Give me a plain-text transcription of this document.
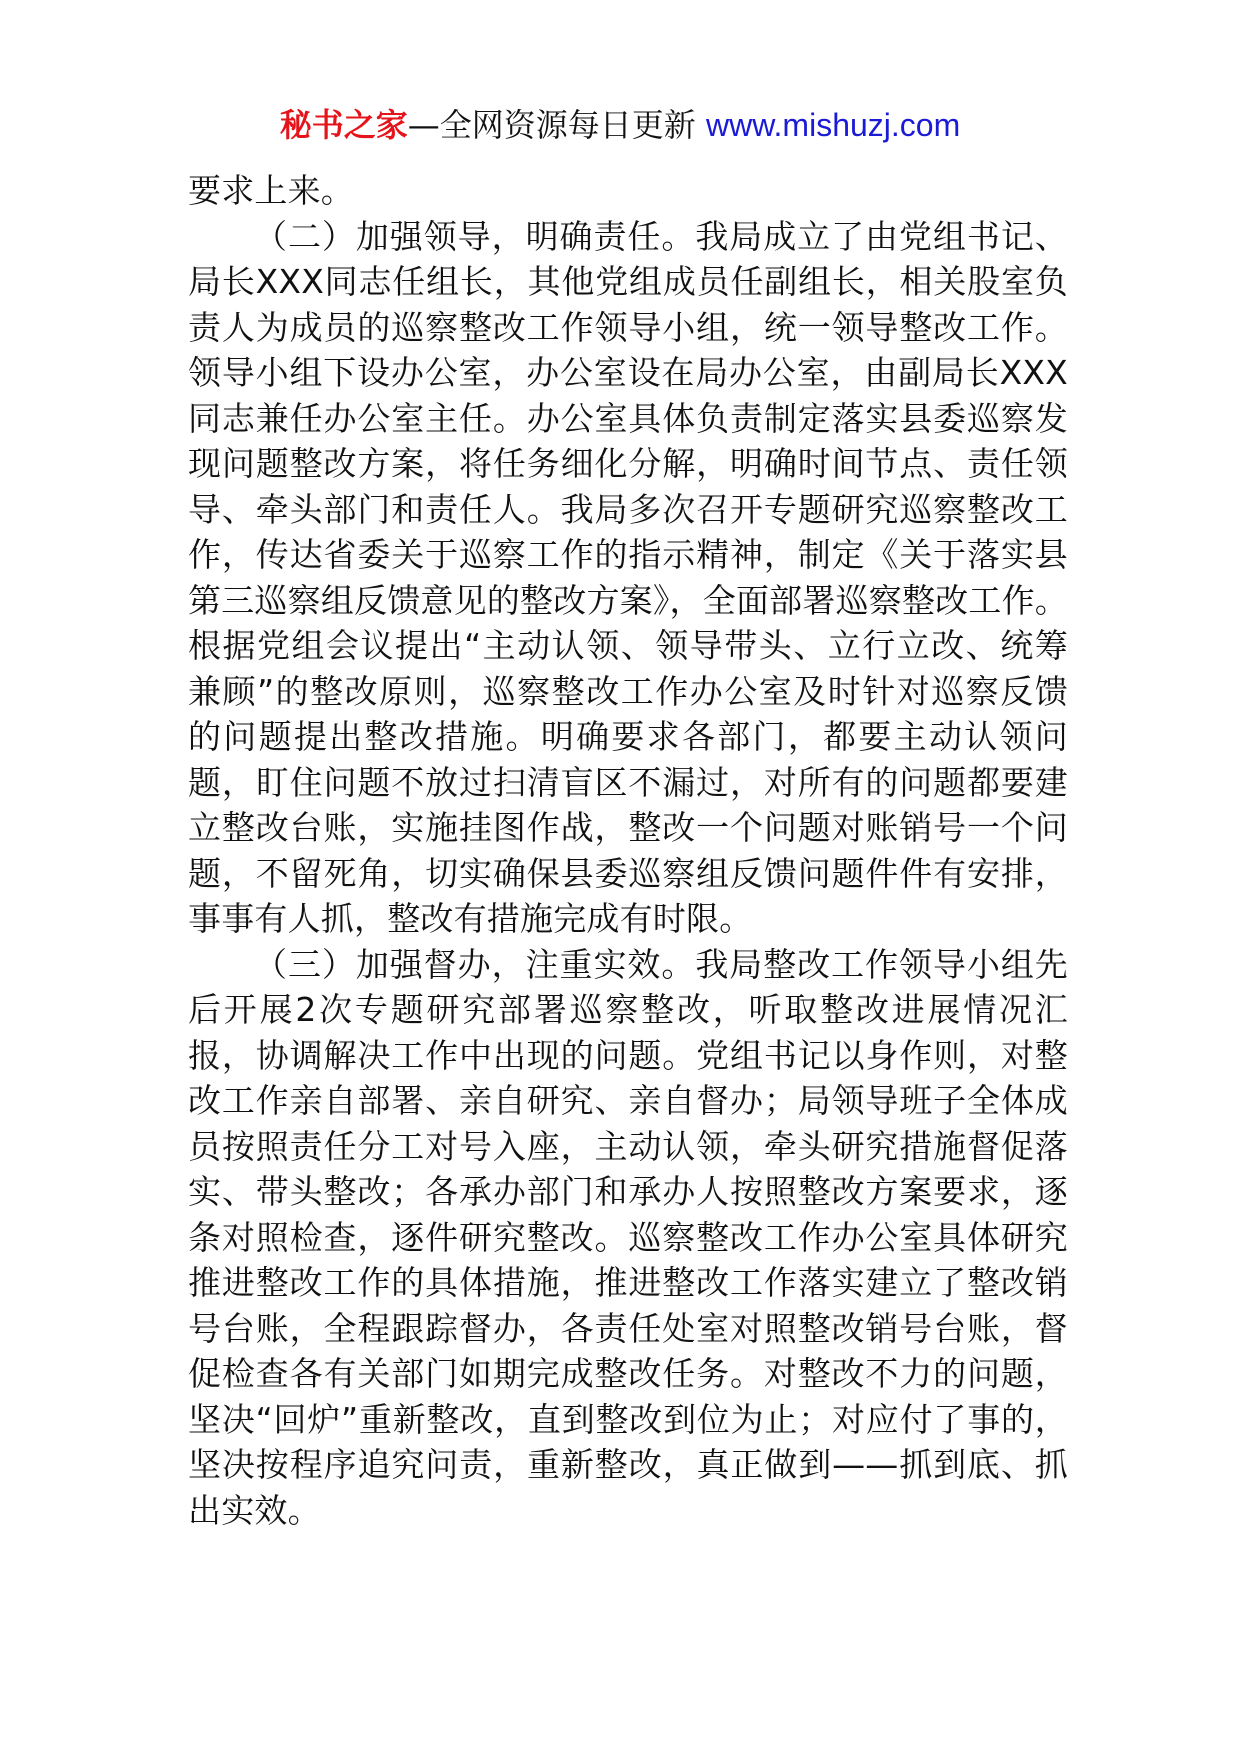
秘书之家—全网资源每日更新 www.mishuzj.com

要求上来。

（二）加强领导，明确责任。我局成立了由党组书记、局长XXX同志任组长，其他党组成员任副组长，相关股室负责人为成员的巡察整改工作领导小组，统一领导整改工作。领导小组下设办公室，办公室设在局办公室，由副局长XXX同志兼任办公室主任。办公室具体负责制定落实县委巡察发现问题整改方案，将任务细化分解，明确时间节点、责任领导、牵头部门和责任人。我局多次召开专题研究巡察整改工作，传达省委关于巡察工作的指示精神，制定《关于落实县第三巡察组反馈意见的整改方案》，全面部署巡察整改工作。根据党组会议提出“主动认领、领导带头、立行立改、统筹兼顾”的整改原则，巡察整改工作办公室及时针对巡察反馈的问题提出整改措施。明确要求各部门，都要主动认领问题，盯住问题不放过扫清盲区不漏过，对所有的问题都要建立整改台账，实施挂图作战，整改一个问题对账销号一个问题，不留死角，切实确保县委巡察组反馈问题件件有安排，事事有人抓，整改有措施完成有时限。

（三）加强督办，注重实效。我局整改工作领导小组先后开展2次专题研究部署巡察整改，听取整改进展情况汇报，协调解决工作中出现的问题。党组书记以身作则，对整改工作亲自部署、亲自研究、亲自督办；局领导班子全体成员按照责任分工对号入座，主动认领，牵头研究措施督促落实、带头整改；各承办部门和承办人按照整改方案要求，逐条对照检查，逐件研究整改。巡察整改工作办公室具体研究推进整改工作的具体措施，推进整改工作落实建立了整改销号台账，全程跟踪督办，各责任处室对照整改销号台账，督促检查各有关部门如期完成整改任务。对整改不力的问题，坚决“回炉”重新整改，直到整改到位为止；对应付了事的，坚决按程序追究问责，重新整改，真正做到——抓到底、抓出实效。
